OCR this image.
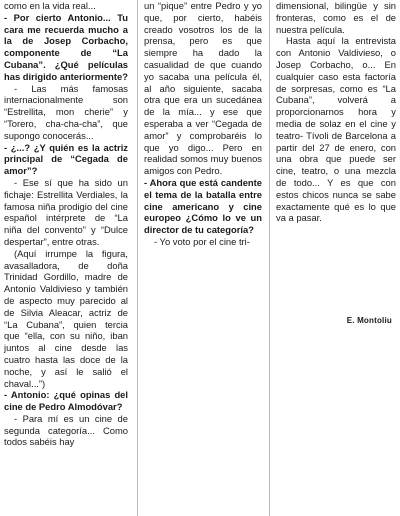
como en la vida real...

- Por cierto Antonio... Tu cara me recuerda mucho a la de Josep Corbacho, componente de “La Cubana”. ¿Qué películas has dirigido anteriormente?

- Las más famosas internacionalmente son “Estrellita, mon cherie” y “Torero, cha-cha-cha”, que supongo conocerás...

- ¿...? ¿Y quién es la actriz principal de “Cegada de amor”?

- Ese sí que ha sido un fichaje: Estrellita Verdiales, la famosa niña prodigio del cine español intérprete de “La niña del convento” y “Dulce despertar”, entre otras.

(Aquí irrumpe la figura, avasalladora, de doña Trinidad Gordillo, madre de Antonio Valdivieso y también de aspecto muy parecido al de Silvia Aleacar, actriz de “La Cubana”, quien tercia que “ella, con su niño, iban juntos al cine desde las cuatro hasta las doce de la noche, y así le salió el chaval...”)

- Antonio: ¿qué opinas del cine de Pedro Almodóvar?

- Para mí es un cine de segunda categoría... Como todos sabéis hay

un “pique” entre Pedro y yo que, por cierto, habéis creado vosotros los de la prensa, pero es que siempre ha dado la casualidad de que cuando yo sacaba una película él, al año siguiente, sacaba otra que era un sucedánea de la mía... y ese que esperaba a ver “Cegada de amor” y comprobaréis lo que yo digo... Pero en realidad somos muy buenos amigos con Pedro.

- Ahora que está candente el tema de la batalla entre cine americano y cine europeo ¿Cómo lo ve un director de tu categoría?

- Yo voto por el cine tri-

dimensional, bilingüe y sin fronteras, como es el de nuestra película.

Hasta aquí la entrevista con Antonio Valdivieso, o Josep Corbacho, o... En cualquier caso esta factoría de sorpresas, como es “La Cubana”, volverá a proporcionarnos hora y media de solaz en el cine y teatro- Tívoli de Barcelona a partir del 27 de enero, con una obra que puede ser cine, teatro, o una mezcla de todo... Y es que con estos chicos nunca se sabe exactamente qué es lo que va a pasar.

E. Montoliu
